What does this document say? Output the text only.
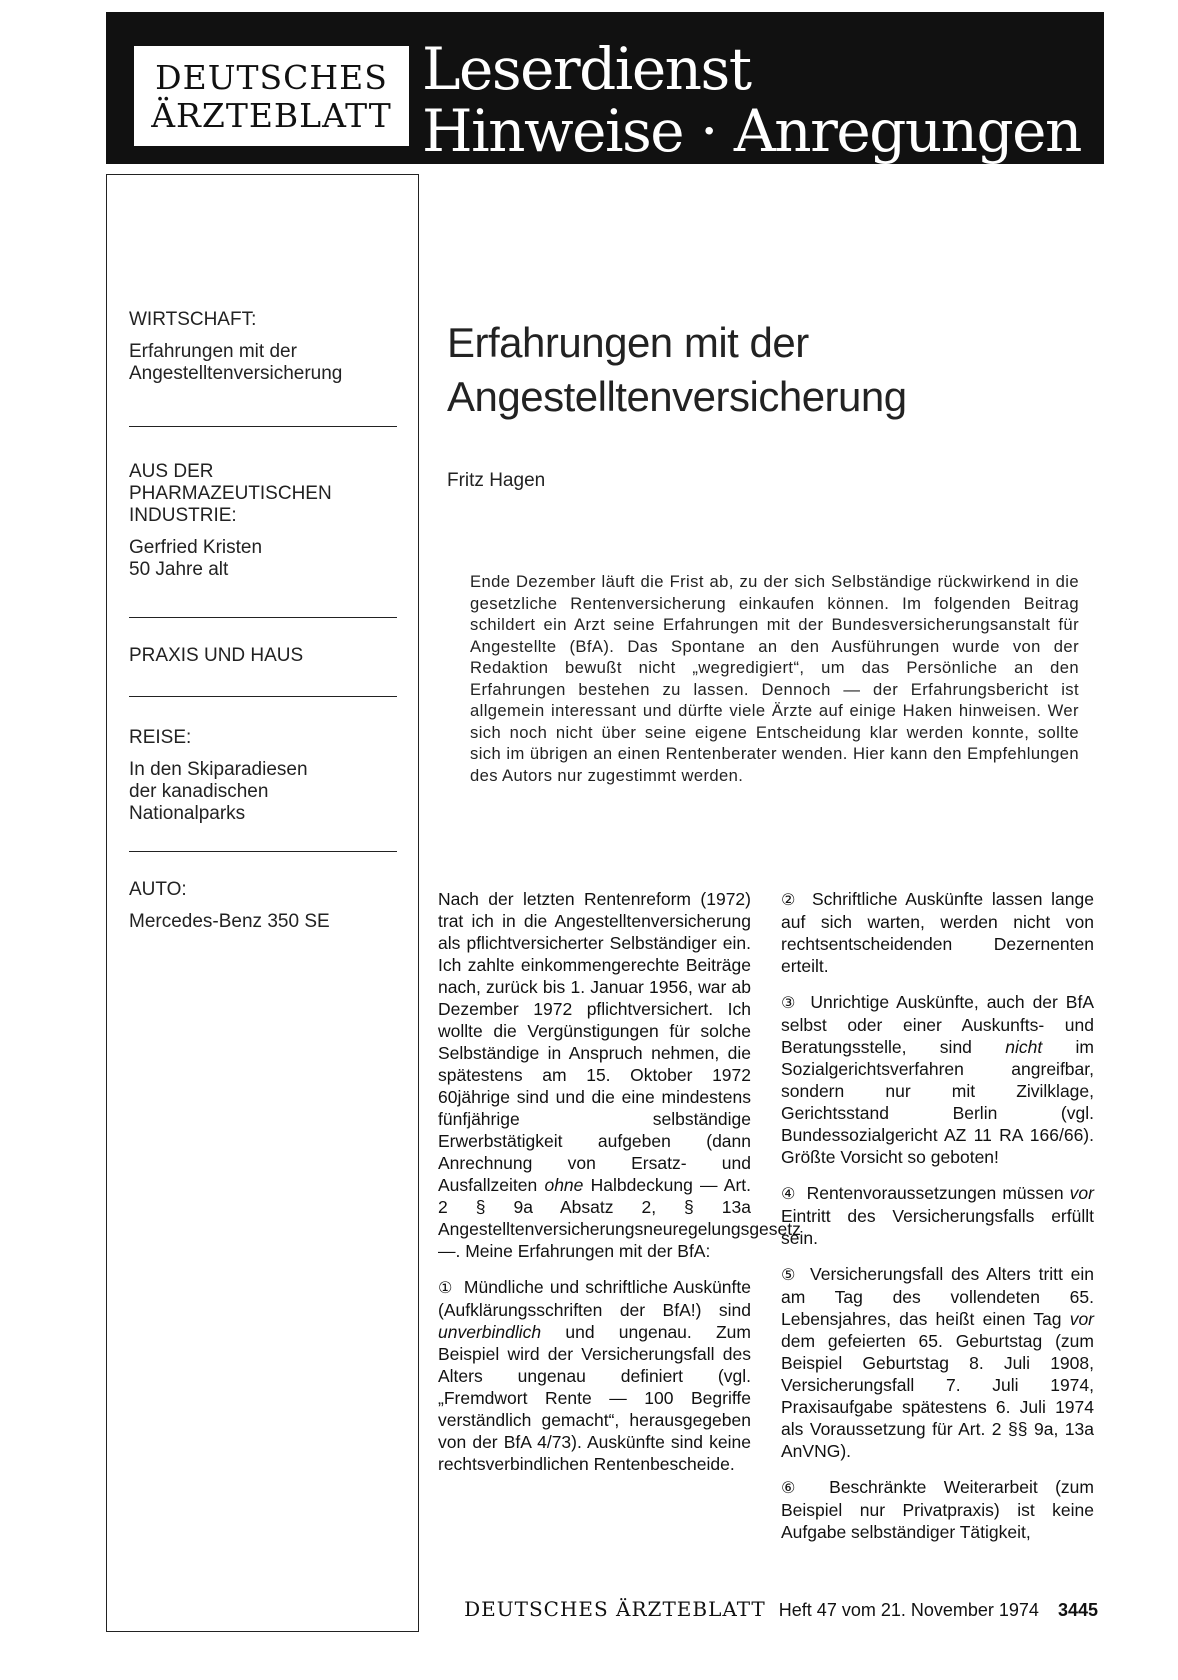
DEUTSCHES
ÄRZTEBLATT
Leserdienst
Hinweise · Anregungen

WIRTSCHAFT:

Erfahrungen mit der

Angestelltenversicherung

AUS DER
PHARMAZEUTISCHEN
INDUSTRIE:

Gerfried Kristen

50 Jahre alt

PRAXIS UND HAUS

REISE:

In den Skiparadiesen

der kanadischen

Nationalparks

AUTO:

Mercedes-Benz 350 SE

Erfahrungen mit der
Angestelltenversicherung
Fritz Hagen
Ende Dezember läuft die Frist ab, zu der sich Selbständige rückwirkend in die gesetzliche Rentenversicherung einkaufen können. Im folgenden Beitrag schildert ein Arzt seine Erfahrungen mit der Bundesversicherungsanstalt für Angestellte (BfA). Das Spontane an den Ausführungen wurde von der Redaktion bewußt nicht „wegredigiert“, um das Persönliche an den Erfahrungen bestehen zu lassen. Dennoch — der Erfahrungsbericht ist allgemein interessant und dürfte viele Ärzte auf einige Haken hinweisen. Wer sich noch nicht über seine eigene Entscheidung klar werden konnte, sollte sich im übrigen an einen Rentenberater wenden. Hier kann den Empfehlungen des Autors nur zugestimmt werden.

Nach der letzten Rentenreform (1972) trat ich in die Angestelltenversicherung als pflichtversicherter Selbständiger ein. Ich zahlte einkommengerechte Beiträge nach, zurück bis 1. Januar 1956, war ab Dezember 1972 pflichtversichert. Ich wollte die Vergünstigungen für solche Selbständige in Anspruch nehmen, die spätestens am 15. Oktober 1972 60jährige sind und die eine mindestens fünfjährige selbständige Erwerbstätigkeit aufgeben (dann Anrechnung von Ersatz- und Ausfallzeiten ohne Halbdeckung — Art. 2 § 9a Absatz 2, § 13a Angestelltenversicherungsneuregelungsgesetz —. Meine Erfahrungen mit der BfA:

① Mündliche und schriftliche Auskünfte (Aufklärungsschriften der BfA!) sind unverbindlich und ungenau. Zum Beispiel wird der Versicherungsfall des Alters ungenau definiert (vgl. „Fremdwort Rente — 100 Begriffe verständlich gemacht“, herausgegeben von der BfA 4/73). Auskünfte sind keine rechtsverbindlichen Rentenbescheide.

② Schriftliche Auskünfte lassen lange auf sich warten, werden nicht von rechtsentscheidenden Dezernenten erteilt.

③ Unrichtige Auskünfte, auch der BfA selbst oder einer Auskunfts- und Beratungsstelle, sind nicht im Sozialgerichtsverfahren angreifbar, sondern nur mit Zivilklage, Gerichtsstand Berlin (vgl. Bundessozialgericht AZ 11 RA 166/66). Größte Vorsicht so geboten!

④ Rentenvoraussetzungen müssen vor Eintritt des Versicherungsfalls erfüllt sein.

⑤ Versicherungsfall des Alters tritt ein am Tag des vollendeten 65. Lebensjahres, das heißt einen Tag vor dem gefeierten 65. Geburtstag (zum Beispiel Geburtstag 8. Juli 1908, Versicherungsfall 7. Juli 1974, Praxisaufgabe spätestens 6. Juli 1974 als Voraussetzung für Art. 2 §§ 9a, 13a AnVNG).

⑥ Beschränkte Weiterarbeit (zum Beispiel nur Privatpraxis) ist keine Aufgabe selbständiger Tätigkeit,

DEUTSCHES ÄRZTEBLATT Heft 47 vom 21. November 1974 3445
